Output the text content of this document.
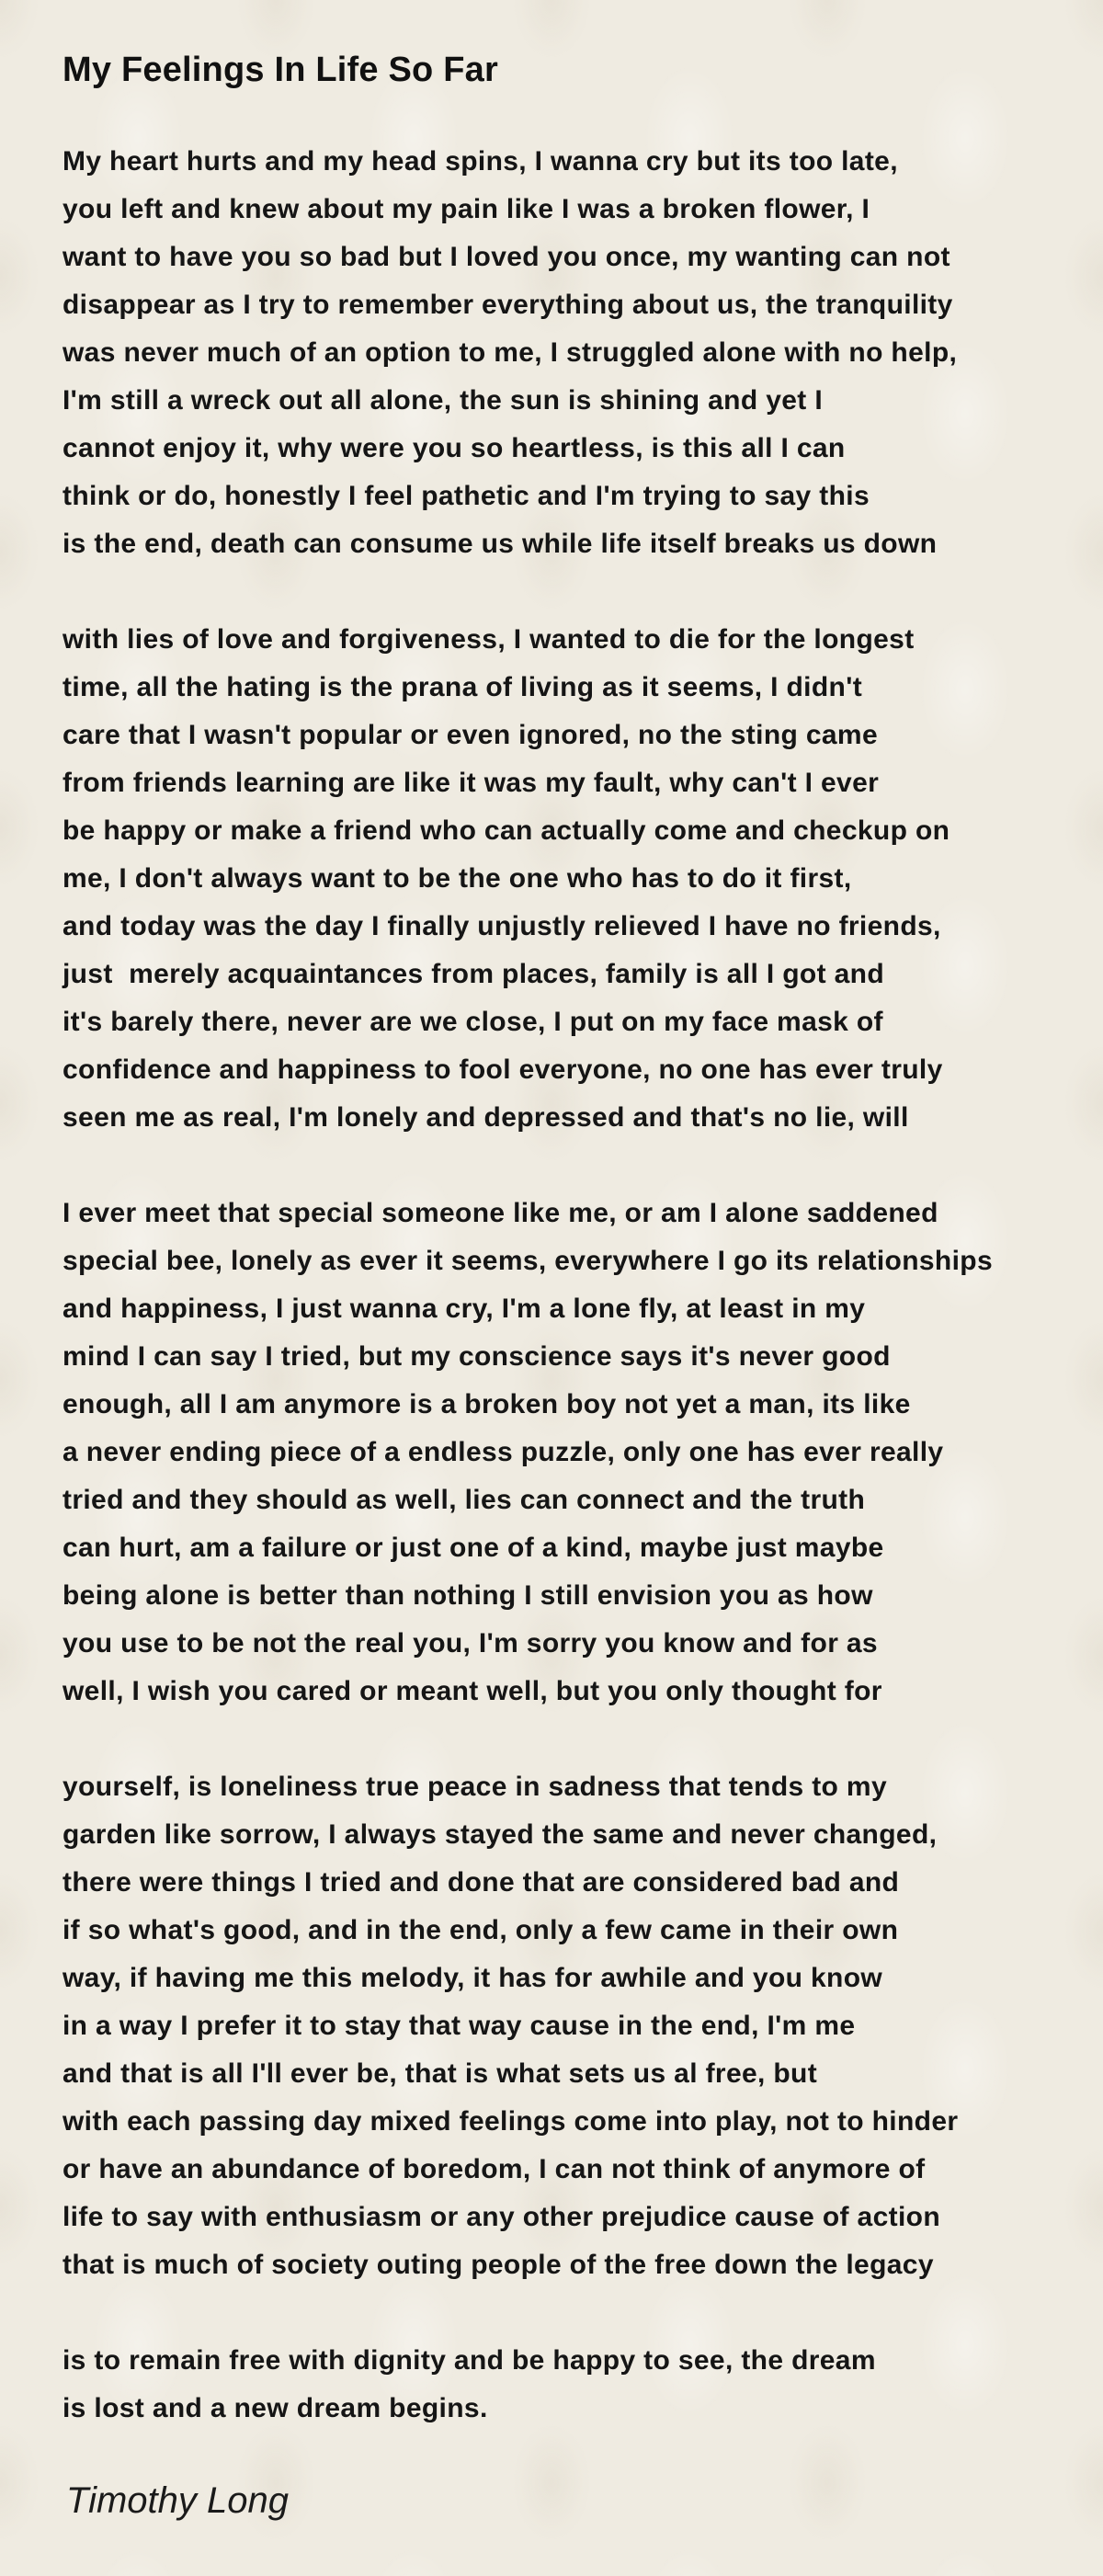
My Feelings In Life So Far
My heart hurts and my head spins, I wanna cry but its too late,
you left and knew about my pain like I was a broken flower, I
want to have you so bad but I loved you once, my wanting can not
disappear as I try to remember everything about us, the tranquility
was never much of an option to me, I struggled alone with no help,
I'm still a wreck out all alone, the sun is shining and yet I
cannot enjoy it, why were you so heartless, is this all I can
think or do, honestly I feel pathetic and I'm trying to say this
is the end, death can consume us while life itself breaks us down
with lies of love and forgiveness, I wanted to die for the longest
time, all the hating is the prana of living as it seems, I didn't
care that I wasn't popular or even ignored, no the sting came
from friends learning are like it was my fault, why can't I ever
be happy or make a friend who can actually come and checkup on
me, I don't always want to be the one who has to do it first,
and today was the day I finally unjustly relieved I have no friends,
just  merely acquaintances from places, family is all I got and
it's barely there, never are we close, I put on my face mask of
confidence and happiness to fool everyone, no one has ever truly
seen me as real, I'm lonely and depressed and that's no lie, will
I ever meet that special someone like me, or am I alone saddened
special bee, lonely as ever it seems, everywhere I go its relationships
and happiness, I just wanna cry, I'm a lone fly, at least in my
mind I can say I tried, but my conscience says it's never good
enough, all I am anymore is a broken boy not yet a man, its like
a never ending piece of a endless puzzle, only one has ever really
tried and they should as well, lies can connect and the truth
can hurt, am a failure or just one of a kind, maybe just maybe
being alone is better than nothing I still envision you as how
you use to be not the real you, I'm sorry you know and for as
well, I wish you cared or meant well, but you only thought for
yourself, is loneliness true peace in sadness that tends to my
garden like sorrow, I always stayed the same and never changed,
there were things I tried and done that are considered bad and
if so what's good, and in the end, only a few came in their own
way, if having me this melody, it has for awhile and you know
in a way I prefer it to stay that way cause in the end, I'm me
and that is all I'll ever be, that is what sets us al free, but
with each passing day mixed feelings come into play, not to hinder
or have an abundance of boredom, I can not think of anymore of
life to say with enthusiasm or any other prejudice cause of action
that is much of society outing people of the free down the legacy
is to remain free with dignity and be happy to see, the dream
is lost and a new dream begins.

Timothy Long
